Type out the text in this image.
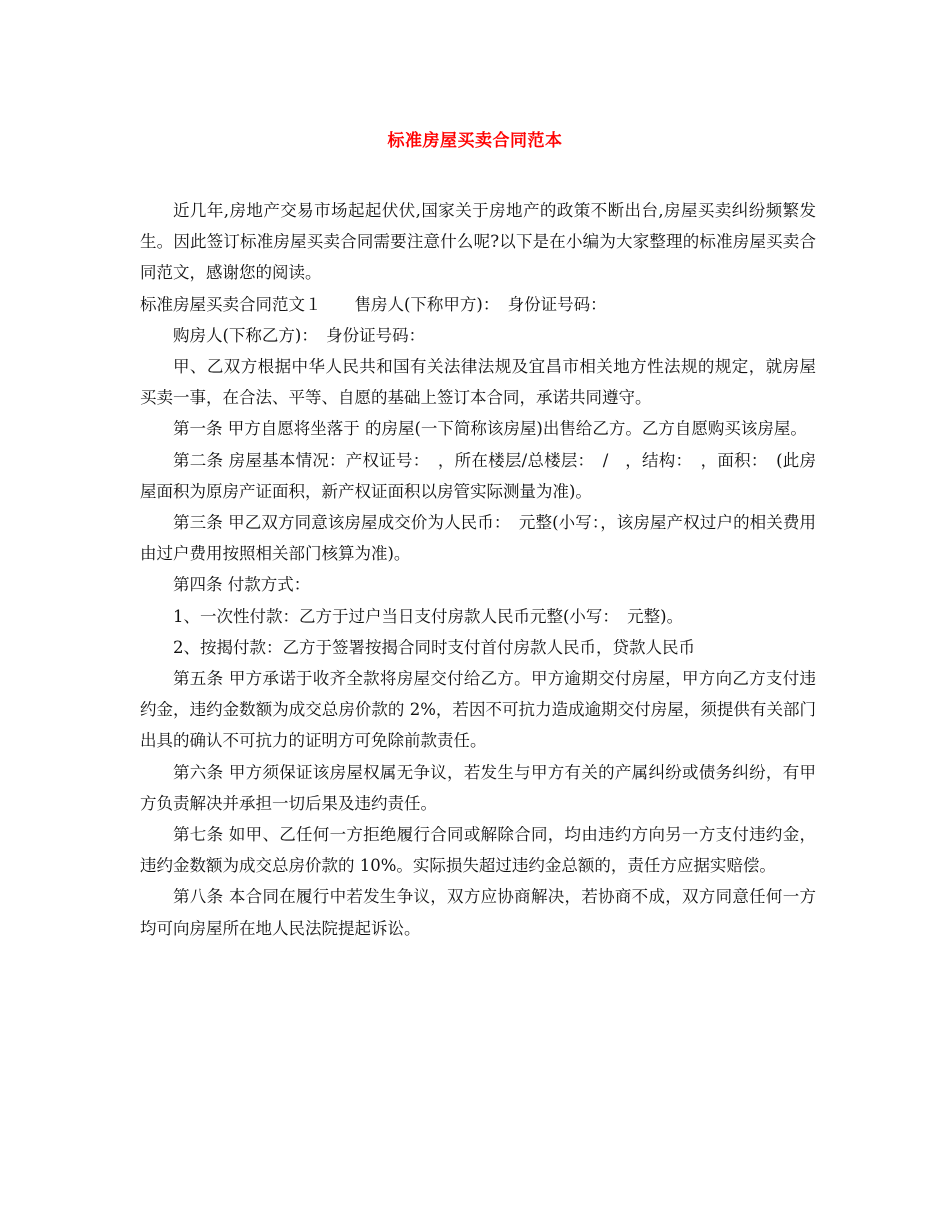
标准房屋买卖合同范本

近几年,房地产交易市场起起伏伏,国家关于房地产的政策不断出台,房屋买卖纠纷频繁发生。因此签订标准房屋买卖合同需要注意什么呢?以下是在小编为大家整理的标准房屋买卖合同范文，感谢您的阅读。

标准房屋买卖合同范文１　　售房人(下称甲方)：　身份证号码：

购房人(下称乙方)：　身份证号码：

甲、乙双方根据中华人民共和国有关法律法规及宜昌市相关地方性法规的规定，就房屋买卖一事，在合法、平等、自愿的基础上签订本合同，承诺共同遵守。

第一条 甲方自愿将坐落于 的房屋(一下简称该房屋)出售给乙方。乙方自愿购买该房屋。

第二条 房屋基本情况：产权证号：　，所在楼层/总楼层：　/　，结构：　，面积：　(此房屋面积为原房产证面积，新产权证面积以房管实际测量为准)。

第三条 甲乙双方同意该房屋成交价为人民币：　元整(小写：，该房屋产权过户的相关费用由过户费用按照相关部门核算为准)。

第四条 付款方式：

1、一次性付款：乙方于过户当日支付房款人民币元整(小写：　元整)。

2、按揭付款：乙方于签署按揭合同时支付首付房款人民币，贷款人民币

第五条 甲方承诺于收齐全款将房屋交付给乙方。甲方逾期交付房屋，甲方向乙方支付违约金，违约金数额为成交总房价款的 2%，若因不可抗力造成逾期交付房屋，须提供有关部门出具的确认不可抗力的证明方可免除前款责任。

第六条 甲方须保证该房屋权属无争议，若发生与甲方有关的产属纠纷或债务纠纷，有甲方负责解决并承担一切后果及违约责任。

第七条 如甲、乙任何一方拒绝履行合同或解除合同，均由违约方向另一方支付违约金，违约金数额为成交总房价款的 10%。实际损失超过违约金总额的，责任方应据实赔偿。

第八条 本合同在履行中若发生争议，双方应协商解决，若协商不成，双方同意任何一方均可向房屋所在地人民法院提起诉讼。
